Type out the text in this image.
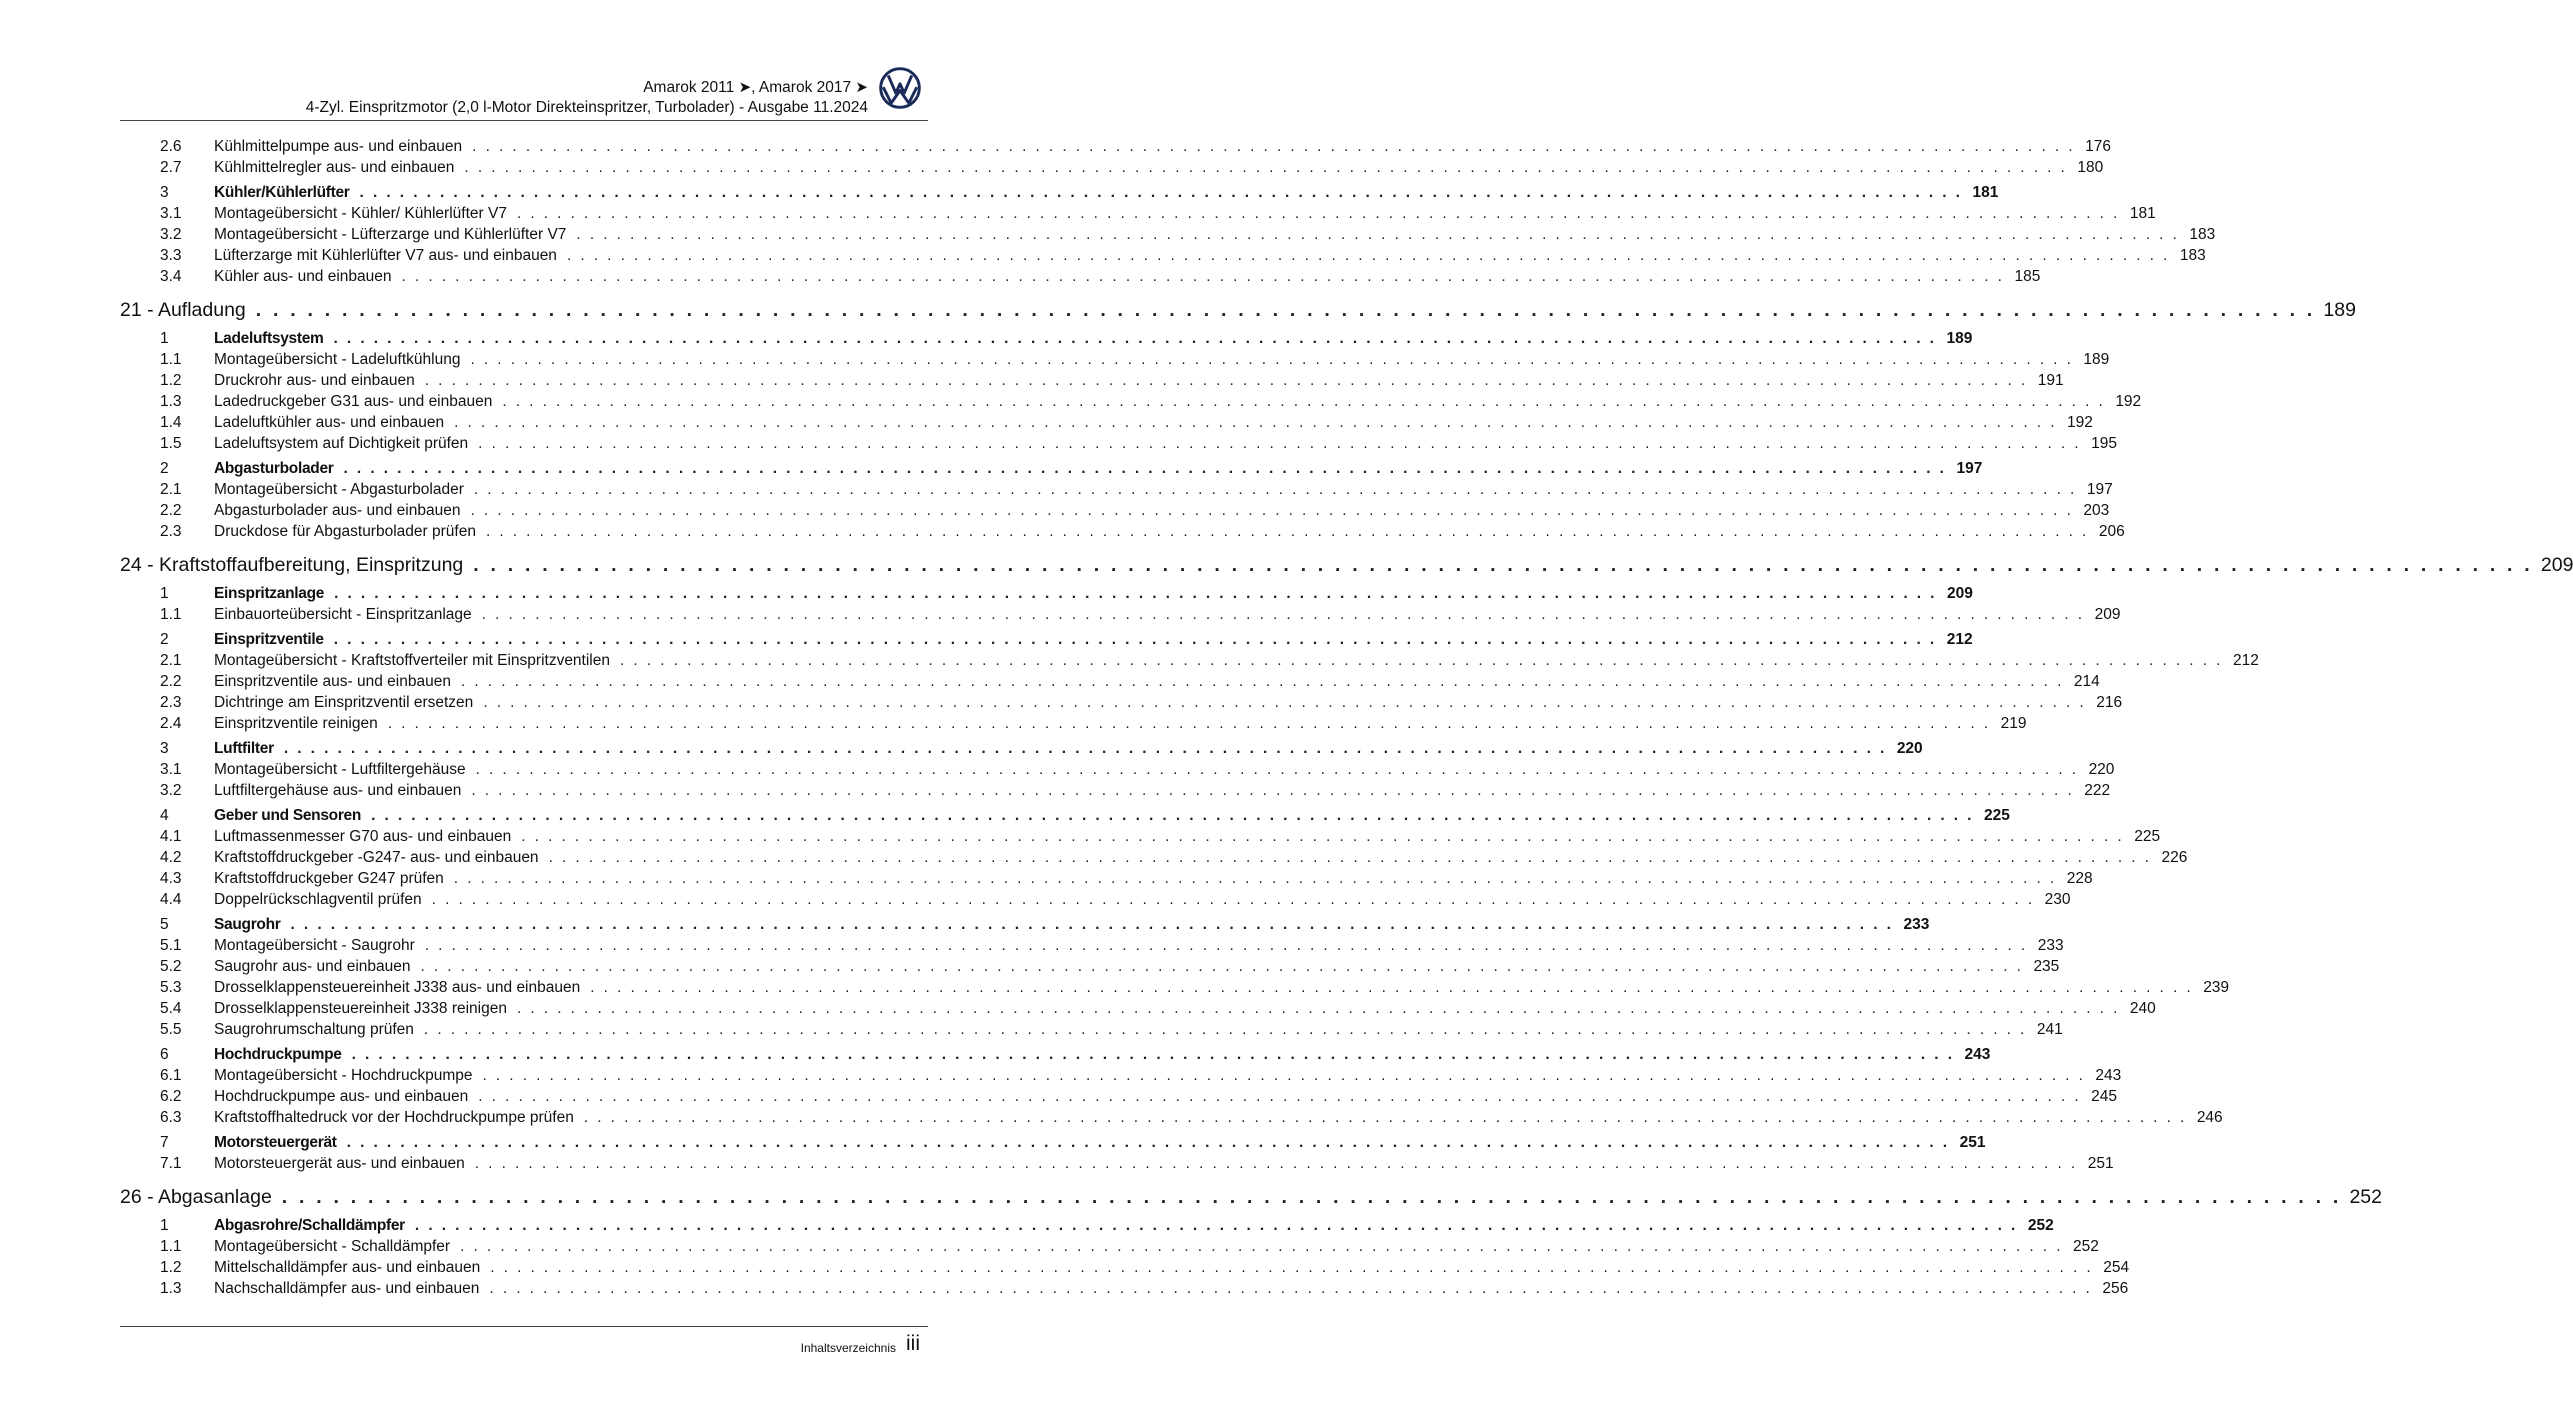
Amarok 2011 ➤, Amarok 2017 ➤
4-Zyl. Einspritzmotor (2,0 l-Motor Direkteinspritzer, Turbolader) - Ausgabe 11.2024
2.6	Kühlmittelpumpe aus- und einbauen . . . . . . . . . . . . . . . . . . . . . . . . . . . . . . . . . . . . . . . . . . . . . . . . . . . . . . . . . . . . . . . . . . . . . . . . . . . . . . . . . . . . . . . . . . . . . . . . . . . . . . . . . . . . . . . . . . . . . . . . 176
2.7	Kühlmittelregler aus- und einbauen . . . . . . . . . . . . . . . . . . . . . . . . . . . . . . . . . . . . . . . . . . . . . . . . . . . . . . . . . . . . . . . . . . . . . . . . . . . . . . . . . . . . . . . . . . . . . . . . . . . . . . . . . . . . . . . . . . . . . . . . 180
3	Kühler/Kühlerlüfter . . . . . . . . . . . . . . . . . . . . . . . . . . . . . . . . . . . . . . . . . . . . . . . . . . . . . . . . . . . . . . . . . . . . . . . . . . . . . . . . . . . . . . . . . . . . . . . . . . . . . . . . . . . . . . . . . . . . . . . . 181
3.1	Montageübersicht - Kühler/ Kühlerlüfter V7 . . . . . . . . . . . . . . . . . . . . . . . . . . . . . . . . . . . . . . . . . . . . . . . . . . . . . . . . . . . . . . . . . . . . . . . . . . . . . . . . . . . . . . . . . . . . . . . . . . . . . . . . . . . . . . . . . . . . . . . . 181
3.2	Montageübersicht - Lüfterzarge und Kühlerlüfter V7 . . . . . . . . . . . . . . . . . . . . . . . . . . . . . . . . . . . . . . . . . . . . . . . . . . . . . . . . . . . . . . . . . . . . . . . . . . . . . . . . . . . . . . . . . . . . . . . . . . . . . . . . . . . . . . . . . . . . . . . . 183
3.3	Lüfterzarge mit Kühlerlüfter V7 aus- und einbauen . . . . . . . . . . . . . . . . . . . . . . . . . . . . . . . . . . . . . . . . . . . . . . . . . . . . . . . . . . . . . . . . . . . . . . . . . . . . . . . . . . . . . . . . . . . . . . . . . . . . . . . . . . . . . . . . . . . . . . . . 183
3.4	Kühler aus- und einbauen . . . . . . . . . . . . . . . . . . . . . . . . . . . . . . . . . . . . . . . . . . . . . . . . . . . . . . . . . . . . . . . . . . . . . . . . . . . . . . . . . . . . . . . . . . . . . . . . . . . . . . . . . . . . . . . . . . . . . . . . 185
21 - Aufladung . . . . . . . . . . . . . . . . . . . . . . . . . . . . . . . . . . . . . . . . . . . . . . . . . . . . . . . . . . . . . . . . . . . . . . . . . . . . . . . . . . . . . . . . . . . . . . . . . . . . . . . . . . . . . . . . . . . . . . . . 189
1	Ladeluftsystem . . . . . . . . . . . . . . . . . . . . . . . . . . . . . . . . . . . . . . . . . . . . . . . . . . . . . . . . . . . . . . . . . . . . . . . . . . . . . . . . . . . . . . . . . . . . . . . . . . . . . . . . . . . . . . . . . . . . . . . . 189
1.1	Montageübersicht - Ladeluftkühlung . . . . . . . . . . . . . . . . . . . . . . . . . . . . . . . . . . . . . . . . . . . . . . . . . . . . . . . . . . . . . . . . . . . . . . . . . . . . . . . . . . . . . . . . . . . . . . . . . . . . . . . . . . . . . . . . . . . . . . . . 189
1.2	Druckrohr aus- und einbauen . . . . . . . . . . . . . . . . . . . . . . . . . . . . . . . . . . . . . . . . . . . . . . . . . . . . . . . . . . . . . . . . . . . . . . . . . . . . . . . . . . . . . . . . . . . . . . . . . . . . . . . . . . . . . . . . . . . . . . . . 191
1.3	Ladedruckgeber G31 aus- und einbauen . . . . . . . . . . . . . . . . . . . . . . . . . . . . . . . . . . . . . . . . . . . . . . . . . . . . . . . . . . . . . . . . . . . . . . . . . . . . . . . . . . . . . . . . . . . . . . . . . . . . . . . . . . . . . . . . . . . . . . . . 192
1.4	Ladeluftkühler aus- und einbauen . . . . . . . . . . . . . . . . . . . . . . . . . . . . . . . . . . . . . . . . . . . . . . . . . . . . . . . . . . . . . . . . . . . . . . . . . . . . . . . . . . . . . . . . . . . . . . . . . . . . . . . . . . . . . . . . . . . . . . . . 192
1.5	Ladeluftsystem auf Dichtigkeit prüfen . . . . . . . . . . . . . . . . . . . . . . . . . . . . . . . . . . . . . . . . . . . . . . . . . . . . . . . . . . . . . . . . . . . . . . . . . . . . . . . . . . . . . . . . . . . . . . . . . . . . . . . . . . . . . . . . . . . . . . . . 195
2	Abgasturbolader . . . . . . . . . . . . . . . . . . . . . . . . . . . . . . . . . . . . . . . . . . . . . . . . . . . . . . . . . . . . . . . . . . . . . . . . . . . . . . . . . . . . . . . . . . . . . . . . . . . . . . . . . . . . . . . . . . . . . . . . 197
2.1	Montageübersicht - Abgasturbolader . . . . . . . . . . . . . . . . . . . . . . . . . . . . . . . . . . . . . . . . . . . . . . . . . . . . . . . . . . . . . . . . . . . . . . . . . . . . . . . . . . . . . . . . . . . . . . . . . . . . . . . . . . . . . . . . . . . . . . . . 197
2.2	Abgasturbolader aus- und einbauen . . . . . . . . . . . . . . . . . . . . . . . . . . . . . . . . . . . . . . . . . . . . . . . . . . . . . . . . . . . . . . . . . . . . . . . . . . . . . . . . . . . . . . . . . . . . . . . . . . . . . . . . . . . . . . . . . . . . . . . . 203
2.3	Druckdose für Abgasturbolader prüfen . . . . . . . . . . . . . . . . . . . . . . . . . . . . . . . . . . . . . . . . . . . . . . . . . . . . . . . . . . . . . . . . . . . . . . . . . . . . . . . . . . . . . . . . . . . . . . . . . . . . . . . . . . . . . . . . . . . . . . . . 206
24 - Kraftstoffaufbereitung, Einspritzung . . . . . . . . . . . . . . . . . . . . . . . . . . . . . . . . . . . . . . . . . . . . . . . . . . . . . . . . . . . . . . . . . . . . . . . . . . . . . . . . . . . . . . . . . . . . . . . . . . . . . . . . . . . . . . . . . . . . . . . . 209
1	Einspritzanlage . . . . . . . . . . . . . . . . . . . . . . . . . . . . . . . . . . . . . . . . . . . . . . . . . . . . . . . . . . . . . . . . . . . . . . . . . . . . . . . . . . . . . . . . . . . . . . . . . . . . . . . . . . . . . . . . . . . . . . . . 209
1.1	Einbauorteübersicht - Einspritzanlage . . . . . . . . . . . . . . . . . . . . . . . . . . . . . . . . . . . . . . . . . . . . . . . . . . . . . . . . . . . . . . . . . . . . . . . . . . . . . . . . . . . . . . . . . . . . . . . . . . . . . . . . . . . . . . . . . . . . . . . . 209
2	Einspritzventile . . . . . . . . . . . . . . . . . . . . . . . . . . . . . . . . . . . . . . . . . . . . . . . . . . . . . . . . . . . . . . . . . . . . . . . . . . . . . . . . . . . . . . . . . . . . . . . . . . . . . . . . . . . . . . . . . . . . . . . . 212
2.1	Montageübersicht - Kraftstoffverteiler mit Einspritzventilen . . . . . . . . . . . . . . . . . . . . . . . . . . . . . . . . . . . . . . . . . . . . . . . . . . . . . . . . . . . . . . . . . . . . . . . . . . . . . . . . . . . . . . . . . . . . . . . . . . . . . . . . . . . . . . . . . . . . . . . . 212
2.2	Einspritzventile aus- und einbauen . . . . . . . . . . . . . . . . . . . . . . . . . . . . . . . . . . . . . . . . . . . . . . . . . . . . . . . . . . . . . . . . . . . . . . . . . . . . . . . . . . . . . . . . . . . . . . . . . . . . . . . . . . . . . . . . . . . . . . . . 214
2.3	Dichtringe am Einspritzventil ersetzen . . . . . . . . . . . . . . . . . . . . . . . . . . . . . . . . . . . . . . . . . . . . . . . . . . . . . . . . . . . . . . . . . . . . . . . . . . . . . . . . . . . . . . . . . . . . . . . . . . . . . . . . . . . . . . . . . . . . . . . . 216
2.4	Einspritzventile reinigen . . . . . . . . . . . . . . . . . . . . . . . . . . . . . . . . . . . . . . . . . . . . . . . . . . . . . . . . . . . . . . . . . . . . . . . . . . . . . . . . . . . . . . . . . . . . . . . . . . . . . . . . . . . . . . . . . . . . . . . . 219
3	Luftfilter . . . . . . . . . . . . . . . . . . . . . . . . . . . . . . . . . . . . . . . . . . . . . . . . . . . . . . . . . . . . . . . . . . . . . . . . . . . . . . . . . . . . . . . . . . . . . . . . . . . . . . . . . . . . . . . . . . . . . . . . 220
3.1	Montageübersicht - Luftfiltergehäuse . . . . . . . . . . . . . . . . . . . . . . . . . . . . . . . . . . . . . . . . . . . . . . . . . . . . . . . . . . . . . . . . . . . . . . . . . . . . . . . . . . . . . . . . . . . . . . . . . . . . . . . . . . . . . . . . . . . . . . . . 220
3.2	Luftfiltergehäuse aus- und einbauen . . . . . . . . . . . . . . . . . . . . . . . . . . . . . . . . . . . . . . . . . . . . . . . . . . . . . . . . . . . . . . . . . . . . . . . . . . . . . . . . . . . . . . . . . . . . . . . . . . . . . . . . . . . . . . . . . . . . . . . . 222
4	Geber und Sensoren . . . . . . . . . . . . . . . . . . . . . . . . . . . . . . . . . . . . . . . . . . . . . . . . . . . . . . . . . . . . . . . . . . . . . . . . . . . . . . . . . . . . . . . . . . . . . . . . . . . . . . . . . . . . . . . . . . . . . . . . 225
4.1	Luftmassenmesser G70 aus- und einbauen . . . . . . . . . . . . . . . . . . . . . . . . . . . . . . . . . . . . . . . . . . . . . . . . . . . . . . . . . . . . . . . . . . . . . . . . . . . . . . . . . . . . . . . . . . . . . . . . . . . . . . . . . . . . . . . . . . . . . . . . 225
4.2	Kraftstoffdruckgeber -G247- aus- und einbauen . . . . . . . . . . . . . . . . . . . . . . . . . . . . . . . . . . . . . . . . . . . . . . . . . . . . . . . . . . . . . . . . . . . . . . . . . . . . . . . . . . . . . . . . . . . . . . . . . . . . . . . . . . . . . . . . . . . . . . . . 226
4.3	Kraftstoffdruckgeber G247 prüfen . . . . . . . . . . . . . . . . . . . . . . . . . . . . . . . . . . . . . . . . . . . . . . . . . . . . . . . . . . . . . . . . . . . . . . . . . . . . . . . . . . . . . . . . . . . . . . . . . . . . . . . . . . . . . . . . . . . . . . . . 228
4.4	Doppelrückschlagventil prüfen . . . . . . . . . . . . . . . . . . . . . . . . . . . . . . . . . . . . . . . . . . . . . . . . . . . . . . . . . . . . . . . . . . . . . . . . . . . . . . . . . . . . . . . . . . . . . . . . . . . . . . . . . . . . . . . . . . . . . . . . 230
5	Saugrohr . . . . . . . . . . . . . . . . . . . . . . . . . . . . . . . . . . . . . . . . . . . . . . . . . . . . . . . . . . . . . . . . . . . . . . . . . . . . . . . . . . . . . . . . . . . . . . . . . . . . . . . . . . . . . . . . . . . . . . . . 233
5.1	Montageübersicht - Saugrohr . . . . . . . . . . . . . . . . . . . . . . . . . . . . . . . . . . . . . . . . . . . . . . . . . . . . . . . . . . . . . . . . . . . . . . . . . . . . . . . . . . . . . . . . . . . . . . . . . . . . . . . . . . . . . . . . . . . . . . . . 233
5.2	Saugrohr aus- und einbauen . . . . . . . . . . . . . . . . . . . . . . . . . . . . . . . . . . . . . . . . . . . . . . . . . . . . . . . . . . . . . . . . . . . . . . . . . . . . . . . . . . . . . . . . . . . . . . . . . . . . . . . . . . . . . . . . . . . . . . . . 235
5.3	Drosselklappensteuereinheit J338 aus- und einbauen . . . . . . . . . . . . . . . . . . . . . . . . . . . . . . . . . . . . . . . . . . . . . . . . . . . . . . . . . . . . . . . . . . . . . . . . . . . . . . . . . . . . . . . . . . . . . . . . . . . . . . . . . . . . . . . . . . . . . . . . 239
5.4	Drosselklappensteuereinheit J338 reinigen . . . . . . . . . . . . . . . . . . . . . . . . . . . . . . . . . . . . . . . . . . . . . . . . . . . . . . . . . . . . . . . . . . . . . . . . . . . . . . . . . . . . . . . . . . . . . . . . . . . . . . . . . . . . . . . . . . . . . . . . 240
5.5	Saugrohrumschaltung prüfen . . . . . . . . . . . . . . . . . . . . . . . . . . . . . . . . . . . . . . . . . . . . . . . . . . . . . . . . . . . . . . . . . . . . . . . . . . . . . . . . . . . . . . . . . . . . . . . . . . . . . . . . . . . . . . . . . . . . . . . . 241
6	Hochdruckpumpe . . . . . . . . . . . . . . . . . . . . . . . . . . . . . . . . . . . . . . . . . . . . . . . . . . . . . . . . . . . . . . . . . . . . . . . . . . . . . . . . . . . . . . . . . . . . . . . . . . . . . . . . . . . . . . . . . . . . . . . . 243
6.1	Montageübersicht - Hochdruckpumpe . . . . . . . . . . . . . . . . . . . . . . . . . . . . . . . . . . . . . . . . . . . . . . . . . . . . . . . . . . . . . . . . . . . . . . . . . . . . . . . . . . . . . . . . . . . . . . . . . . . . . . . . . . . . . . . . . . . . . . . . 243
6.2	Hochdruckpumpe aus- und einbauen . . . . . . . . . . . . . . . . . . . . . . . . . . . . . . . . . . . . . . . . . . . . . . . . . . . . . . . . . . . . . . . . . . . . . . . . . . . . . . . . . . . . . . . . . . . . . . . . . . . . . . . . . . . . . . . . . . . . . . . . 245
6.3	Kraftstoffhaltedruck vor der Hochdruckpumpe prüfen . . . . . . . . . . . . . . . . . . . . . . . . . . . . . . . . . . . . . . . . . . . . . . . . . . . . . . . . . . . . . . . . . . . . . . . . . . . . . . . . . . . . . . . . . . . . . . . . . . . . . . . . . . . . . . . . . . . . . . . . 246
7	Motorsteuergerät . . . . . . . . . . . . . . . . . . . . . . . . . . . . . . . . . . . . . . . . . . . . . . . . . . . . . . . . . . . . . . . . . . . . . . . . . . . . . . . . . . . . . . . . . . . . . . . . . . . . . . . . . . . . . . . . . . . . . . . . 251
7.1	Motorsteuergerät aus- und einbauen . . . . . . . . . . . . . . . . . . . . . . . . . . . . . . . . . . . . . . . . . . . . . . . . . . . . . . . . . . . . . . . . . . . . . . . . . . . . . . . . . . . . . . . . . . . . . . . . . . . . . . . . . . . . . . . . . . . . . . . . 251
26 - Abgasanlage . . . . . . . . . . . . . . . . . . . . . . . . . . . . . . . . . . . . . . . . . . . . . . . . . . . . . . . . . . . . . . . . . . . . . . . . . . . . . . . . . . . . . . . . . . . . . . . . . . . . . . . . . . . . . . . . . . . . . . . . 252
1	Abgasrohre/Schalldämpfer . . . . . . . . . . . . . . . . . . . . . . . . . . . . . . . . . . . . . . . . . . . . . . . . . . . . . . . . . . . . . . . . . . . . . . . . . . . . . . . . . . . . . . . . . . . . . . . . . . . . . . . . . . . . . . . . . . . . . . . . 252
1.1	Montageübersicht - Schalldämpfer . . . . . . . . . . . . . . . . . . . . . . . . . . . . . . . . . . . . . . . . . . . . . . . . . . . . . . . . . . . . . . . . . . . . . . . . . . . . . . . . . . . . . . . . . . . . . . . . . . . . . . . . . . . . . . . . . . . . . . . . 252
1.2	Mittelschalldämpfer aus- und einbauen . . . . . . . . . . . . . . . . . . . . . . . . . . . . . . . . . . . . . . . . . . . . . . . . . . . . . . . . . . . . . . . . . . . . . . . . . . . . . . . . . . . . . . . . . . . . . . . . . . . . . . . . . . . . . . . . . . . . . . . . 254
1.3	Nachschalldämpfer aus- und einbauen . . . . . . . . . . . . . . . . . . . . . . . . . . . . . . . . . . . . . . . . . . . . . . . . . . . . . . . . . . . . . . . . . . . . . . . . . . . . . . . . . . . . . . . . . . . . . . . . . . . . . . . . . . . . . . . . . . . . . . . . 256
Inhaltsverzeichnis iii
